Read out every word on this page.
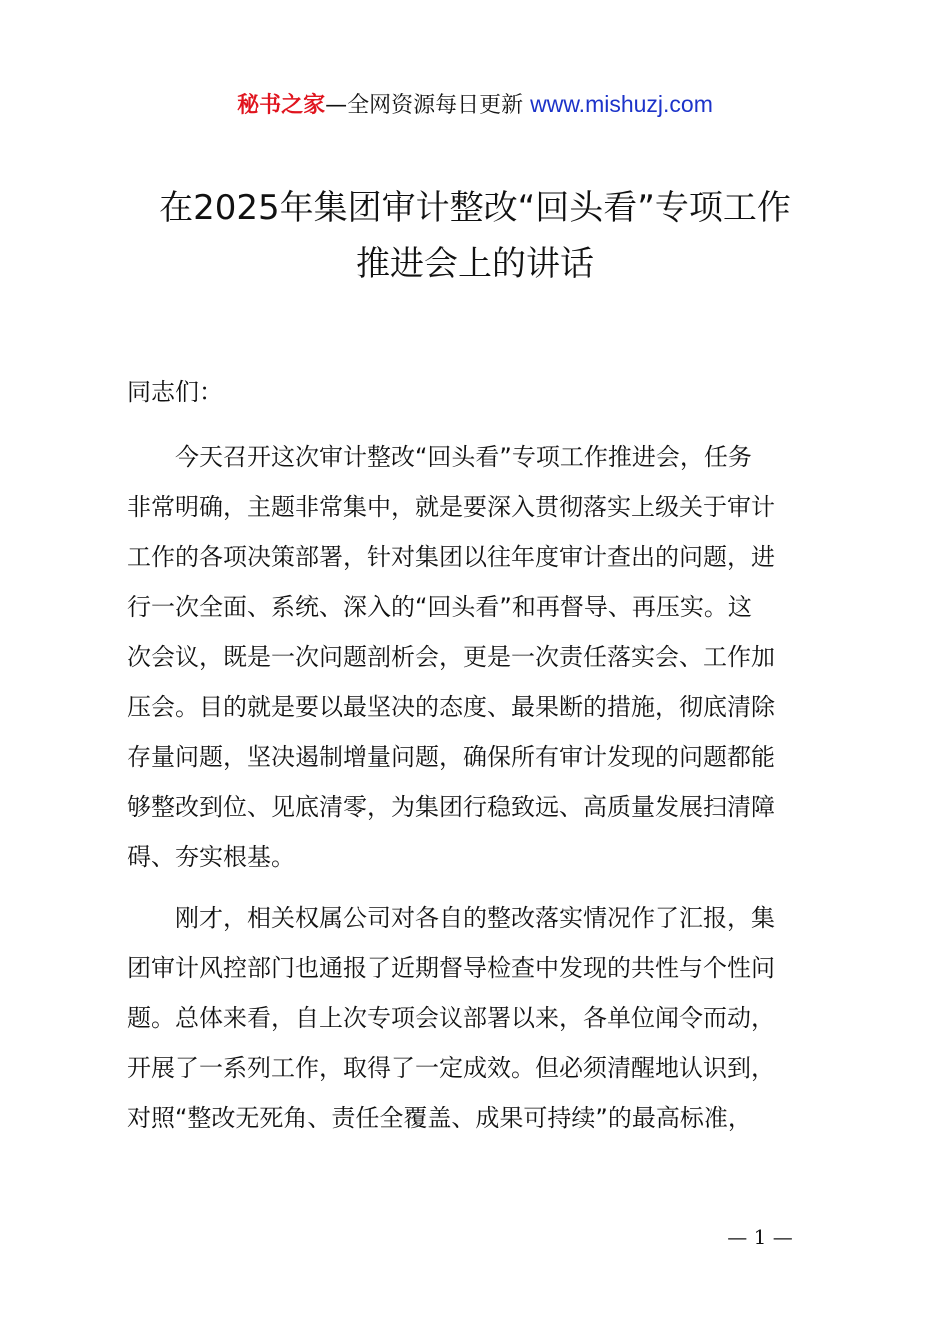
秘书之家—全网资源每日更新 www.mishuzj.com
在2025年集团审计整改“回头看”专项工作
推进会上的讲话
同志们：
　　今天召开这次审计整改“回头看”专项工作推进会，任务
非常明确，主题非常集中，就是要深入贯彻落实上级关于审计
工作的各项决策部署，针对集团以往年度审计查出的问题，进
行一次全面、系统、深入的“回头看”和再督导、再压实。这
次会议，既是一次问题剖析会，更是一次责任落实会、工作加
压会。目的就是要以最坚决的态度、最果断的措施，彻底清除
存量问题，坚决遏制增量问题，确保所有审计发现的问题都能
够整改到位、见底清零，为集团行稳致远、高质量发展扫清障
碍、夯实根基。
　　刚才，相关权属公司对各自的整改落实情况作了汇报，集
团审计风控部门也通报了近期督导检查中发现的共性与个性问
题。总体来看，自上次专项会议部署以来，各单位闻令而动，
开展了一系列工作，取得了一定成效。但必须清醒地认识到，
对照“整改无死角、责任全覆盖、成果可持续”的最高标准，
— 1 —
